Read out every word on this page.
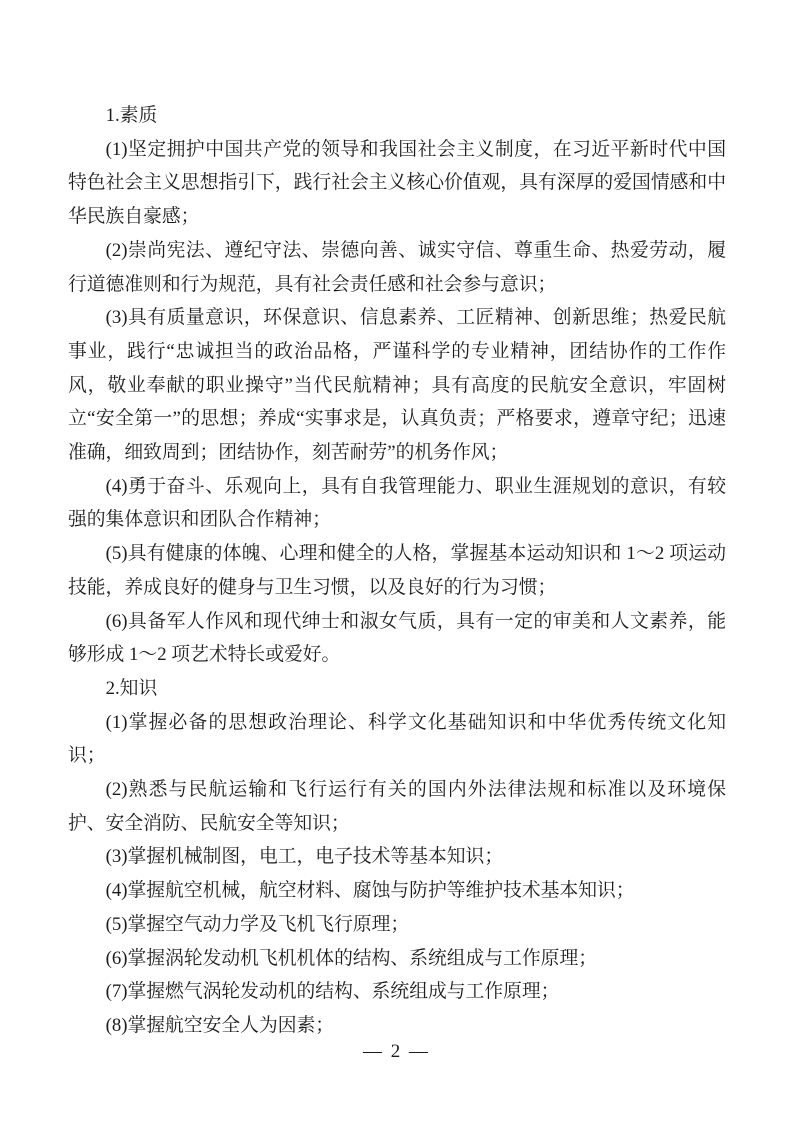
1.素质

(1)坚定拥护中国共产党的领导和我国社会主义制度，在习近平新时代中国特色社会主义思想指引下，践行社会主义核心价值观，具有深厚的爱国情感和中华民族自豪感；

(2)崇尚宪法、遵纪守法、崇德向善、诚实守信、尊重生命、热爱劳动，履行道德准则和行为规范，具有社会责任感和社会参与意识；

(3)具有质量意识，环保意识、信息素养、工匠精神、创新思维；热爱民航事业，践行“忠诚担当的政治品格，严谨科学的专业精神，团结协作的工作作风，敬业奉献的职业操守”当代民航精神；具有高度的民航安全意识，牢固树立“安全第一”的思想；养成“实事求是，认真负责；严格要求，遵章守纪；迅速准确，细致周到；团结协作，刻苦耐劳”的机务作风；

(4)勇于奋斗、乐观向上，具有自我管理能力、职业生涯规划的意识，有较强的集体意识和团队合作精神；

(5)具有健康的体魄、心理和健全的人格，掌握基本运动知识和 1～2 项运动技能，养成良好的健身与卫生习惯，以及良好的行为习惯；

(6)具备军人作风和现代绅士和淑女气质，具有一定的审美和人文素养，能够形成 1～2 项艺术特长或爱好。

2.知识

(1)掌握必备的思想政治理论、科学文化基础知识和中华优秀传统文化知识；

(2)熟悉与民航运输和飞行运行有关的国内外法律法规和标准以及环境保护、安全消防、民航安全等知识；

(3)掌握机械制图，电工，电子技术等基本知识；

(4)掌握航空机械，航空材料、腐蚀与防护等维护技术基本知识；

(5)掌握空气动力学及飞机飞行原理；

(6)掌握涡轮发动机飞机机体的结构、系统组成与工作原理；

(7)掌握燃气涡轮发动机的结构、系统组成与工作原理；

(8)掌握航空安全人为因素；

— 2 —
